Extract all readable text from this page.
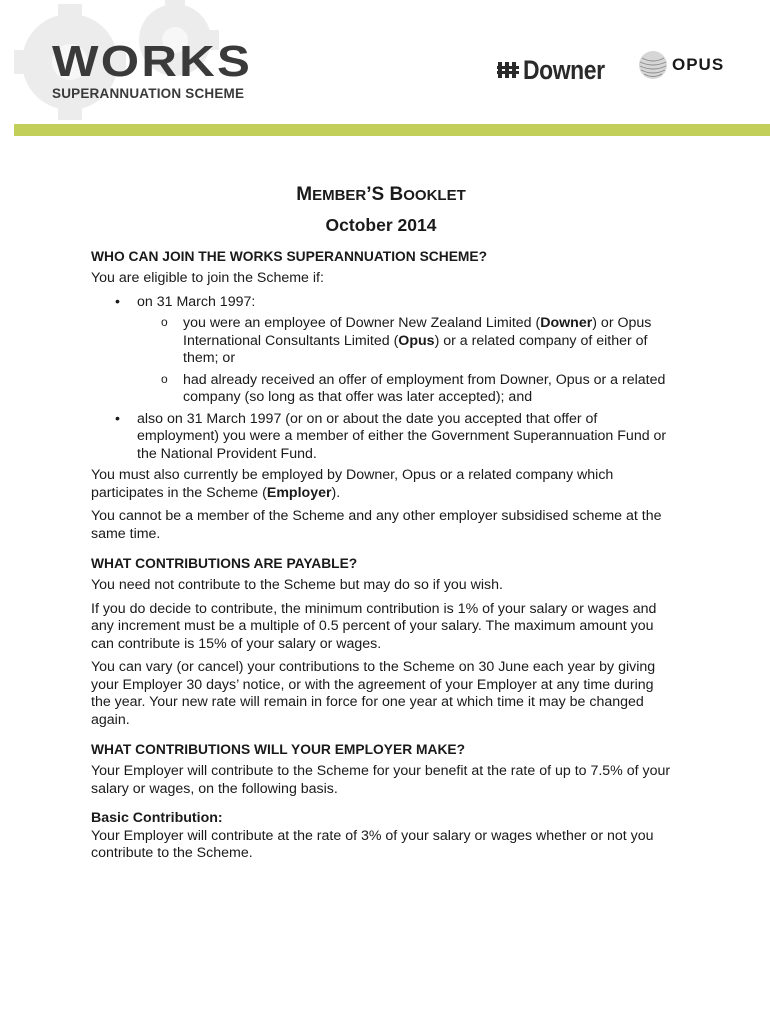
WORKS
SUPERANNUATION SCHEME
Downer	OPUS
MEMBER’S BOOKLET
October 2014
WHO CAN JOIN THE WORKS SUPERANNUATION SCHEME?

You are eligible to join the Scheme if:

• on 31 March 1997:
o you were an employee of Downer New Zealand Limited (Downer) or Opus International Consultants Limited (Opus) or a related company of either of them; or
o had already received an offer of employment from Downer, Opus or a related company (so long as that offer was later accepted); and
• also on 31 March 1997 (or on or about the date you accepted that offer of employment) you were a member of either the Government Superannuation Fund or the National Provident Fund.

You must also currently be employed by Downer, Opus or a related company which participates in the Scheme (Employer).

You cannot be a member of the Scheme and any other employer subsidised scheme at the same time.

WHAT CONTRIBUTIONS ARE PAYABLE?

You need not contribute to the Scheme but may do so if you wish.

If you do decide to contribute, the minimum contribution is 1% of your salary or wages and any increment must be a multiple of 0.5 percent of your salary. The maximum amount you can contribute is 15% of your salary or wages.

You can vary (or cancel) your contributions to the Scheme on 30 June each year by giving your Employer 30 days’ notice, or with the agreement of your Employer at any time during the year. Your new rate will remain in force for one year at which time it may be changed again.

WHAT CONTRIBUTIONS WILL YOUR EMPLOYER MAKE?

Your Employer will contribute to the Scheme for your benefit at the rate of up to 7.5% of your salary or wages, on the following basis.

Basic Contribution:

Your Employer will contribute at the rate of 3% of your salary or wages whether or not you contribute to the Scheme.
